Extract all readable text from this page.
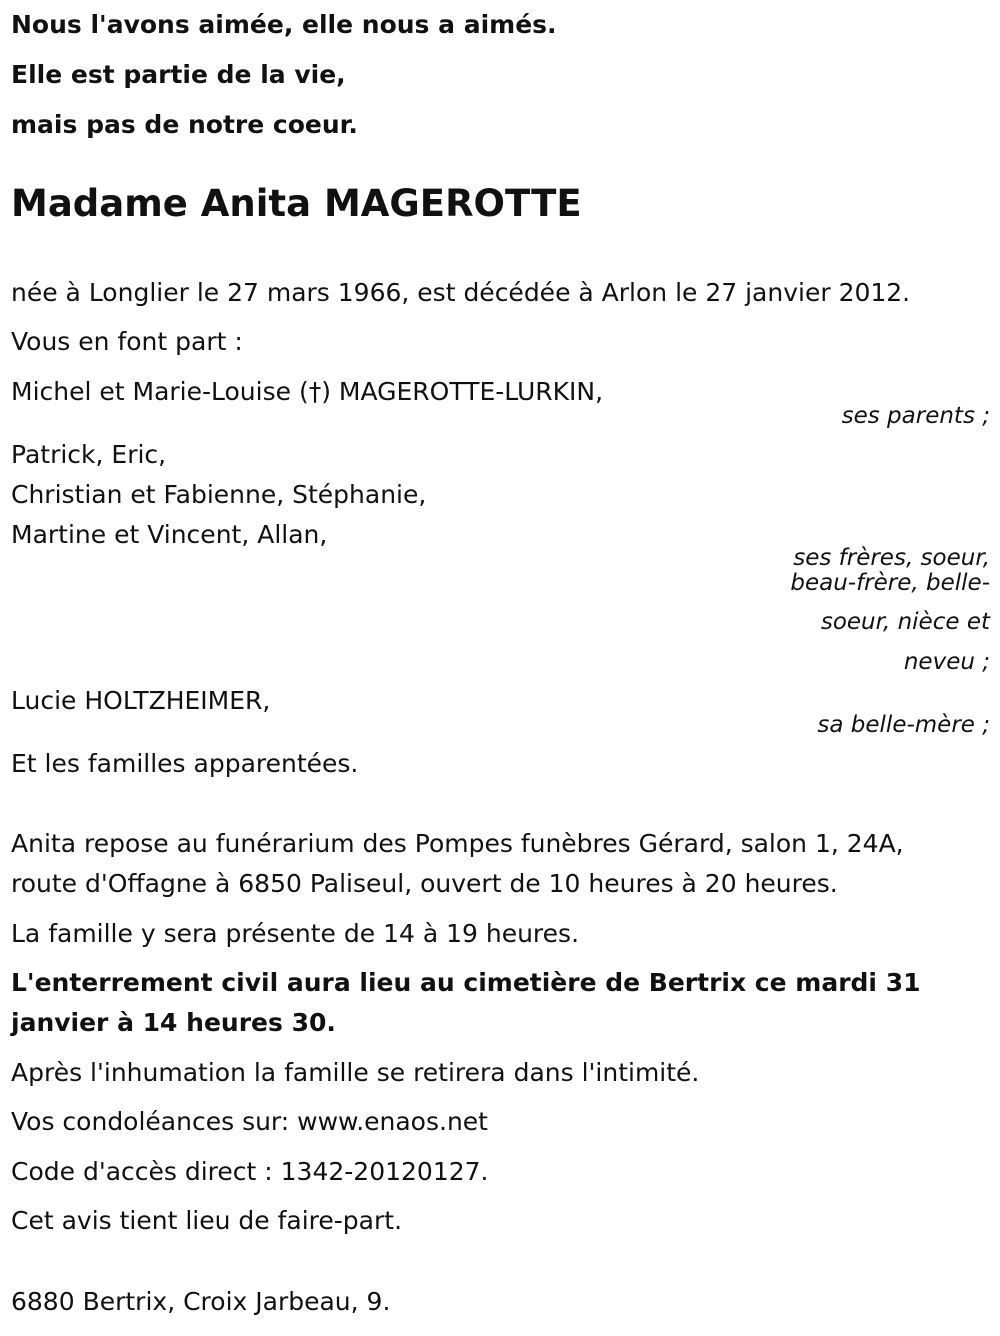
Nous l'avons aimée, elle nous a aimés.
Elle est partie de la vie,
mais pas de notre coeur.
Madame Anita MAGEROTTE
née à Longlier le 27 mars 1966, est décédée à Arlon le 27 janvier 2012.
Vous en font part :
Michel et Marie-Louise (†) MAGEROTTE-LURKIN,
ses parents ;
Patrick, Eric,
Christian et Fabienne, Stéphanie,
Martine et Vincent, Allan,
ses frères, soeur,
beau-frère, belle-
soeur, nièce et
neveu ;
Lucie HOLTZHEIMER,
sa belle-mère ;
Et les familles apparentées.
Anita repose au funérarium des Pompes funèbres Gérard, salon 1, 24A,
route d'Offagne à 6850 Paliseul, ouvert de 10 heures à 20 heures.
La famille y sera présente de 14 à 19 heures.
L'enterrement civil aura lieu au cimetière de Bertrix ce mardi 31
janvier à 14 heures 30.
Après l'inhumation la famille se retirera dans l'intimité.
Vos condoléances sur: www.enaos.net
Code d'accès direct : 1342-20120127.
Cet avis tient lieu de faire-part.
6880 Bertrix, Croix Jarbeau, 9.
